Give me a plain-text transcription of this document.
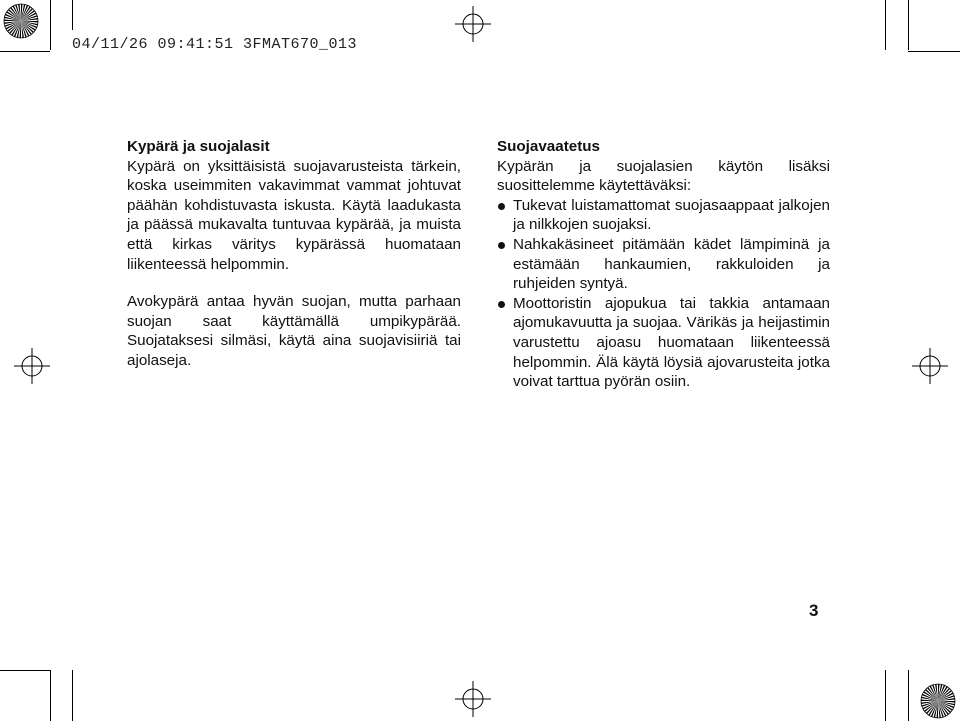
04/11/26 09:41:51 3FMAT670_013
Kypärä ja suojalasit
Kypärä on yksittäisistä suojavarusteista tärkein, koska useimmiten vakavimmat vammat johtuvat päähän kohdistuvasta iskusta. Käytä laadukasta ja päässä mukavalta tuntuvaa kypärää, ja muista että kirkas väritys kypärässä huomataan liikenteessä helpommin.
Avokypärä antaa hyvän suojan, mutta parhaan suojan saat käyttämällä umpikypärää. Suojataksesi silmäsi, käytä aina suojavisiiriä tai ajolaseja.
Suojavaatetus
Kypärän ja suojalasien käytön lisäksi suosittelemme käytettäväksi:
Tukevat luistamattomat suojasaappaat jalkojen ja nilkkojen suojaksi.
Nahkakäsineet pitämään kädet lämpiminä ja estämään hankaumien, rakkuloiden ja ruhjeiden syntyä.
Moottoristin ajopukua tai takkia antamaan ajomukavuutta ja suojaa. Värikäs ja heijastimin varustettu ajoasu huomataan liikenteessä helpommin. Älä käytä löysiä ajovarusteita jotka voivat tarttua pyörän osiin.
3
